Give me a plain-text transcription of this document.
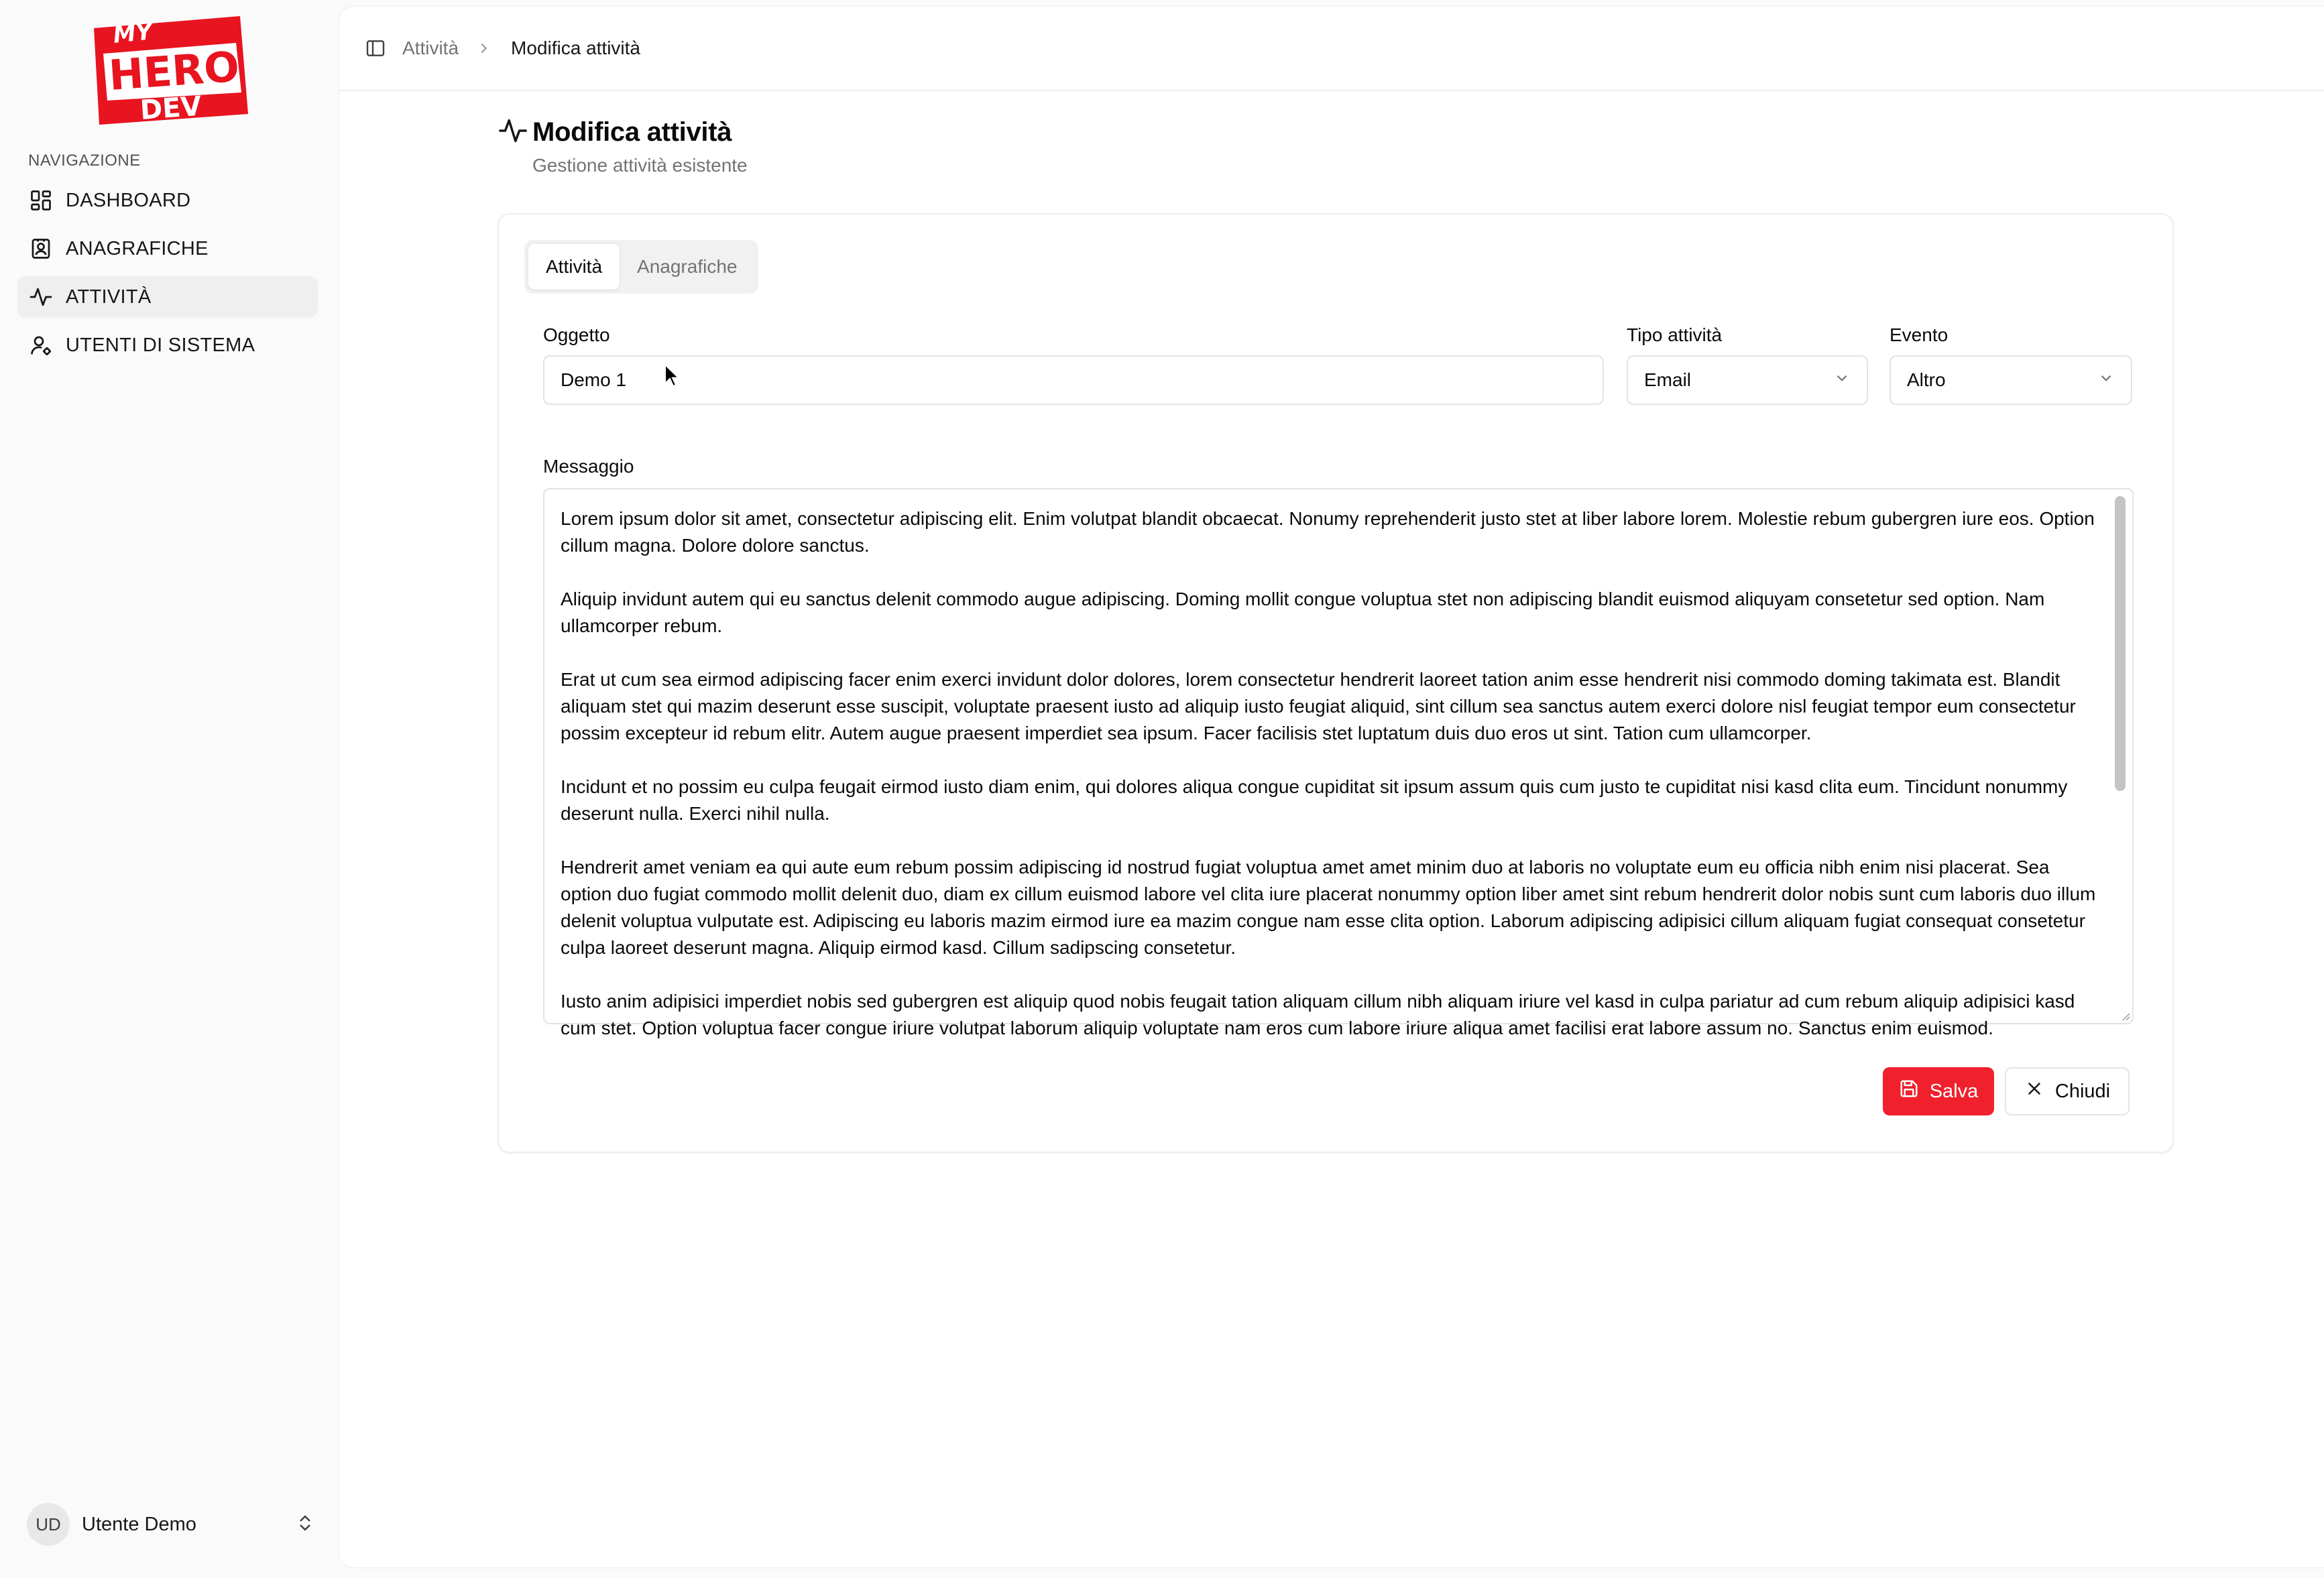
MY
HERO
DEV
NAVIGAZIONE
DASHBOARD
ANAGRAFICHE
ATTIVITÀ
UTENTI DI SISTEMA
UD	Utente Demo
Attività	Modifica attività
Modifica attività
Gestione attività esistente
Attività	Anagrafiche
Oggetto
Demo 1
Tipo attività
Email
Evento
Altro
Messaggio

Lorem ipsum dolor sit amet, consectetur adipiscing elit. Enim volutpat blandit obcaecat. Nonumy reprehenderit justo stet at liber labore lorem. Molestie rebum gubergren iure eos. Option cillum magna. Dolore dolore sanctus.

Aliquip invidunt autem qui eu sanctus delenit commodo augue adipiscing. Doming mollit congue voluptua stet non adipiscing blandit euismod aliquyam consetetur sed option. Nam ullamcorper rebum.

Erat ut cum sea eirmod adipiscing facer enim exerci invidunt dolor dolores, lorem consectetur hendrerit laoreet tation anim esse hendrerit nisi commodo doming takimata est. Blandit aliquam stet qui mazim deserunt esse suscipit, voluptate praesent iusto ad aliquip iusto feugiat aliquid, sint cillum sea sanctus autem exerci dolore nisl feugiat tempor eum consectetur possim excepteur id rebum elitr. Autem augue praesent imperdiet sea ipsum. Facer facilisis stet luptatum duis duo eros ut sint. Tation cum ullamcorper.

Incidunt et no possim eu culpa feugait eirmod iusto diam enim, qui dolores aliqua congue cupiditat sit ipsum assum quis cum justo te cupiditat nisi kasd clita eum. Tincidunt nonummy deserunt nulla. Exerci nihil nulla.

Hendrerit amet veniam ea qui aute eum rebum possim adipiscing id nostrud fugiat voluptua amet amet minim duo at laboris no voluptate eum eu officia nibh enim nisi placerat. Sea option duo fugiat commodo mollit delenit duo, diam ex cillum euismod labore vel clita iure placerat nonummy option liber amet sint rebum hendrerit dolor nobis sunt cum laboris duo illum delenit voluptua vulputate est. Adipiscing eu laboris mazim eirmod iure ea mazim congue nam esse clita option. Laborum adipiscing adipisici cillum aliquam fugiat consequat consetetur culpa laoreet deserunt magna. Aliquip eirmod kasd. Cillum sadipscing consetetur.

Iusto anim adipisici imperdiet nobis sed gubergren est aliquip quod nobis feugait tation aliquam cillum nibh aliquam iriure vel kasd in culpa pariatur ad cum rebum aliquip adipisici kasd cum stet. Option voluptua facer congue iriure volutpat laborum aliquip voluptate nam eros cum labore iriure aliqua amet facilisi erat labore assum no. Sanctus enim euismod.

Salva	Chiudi
